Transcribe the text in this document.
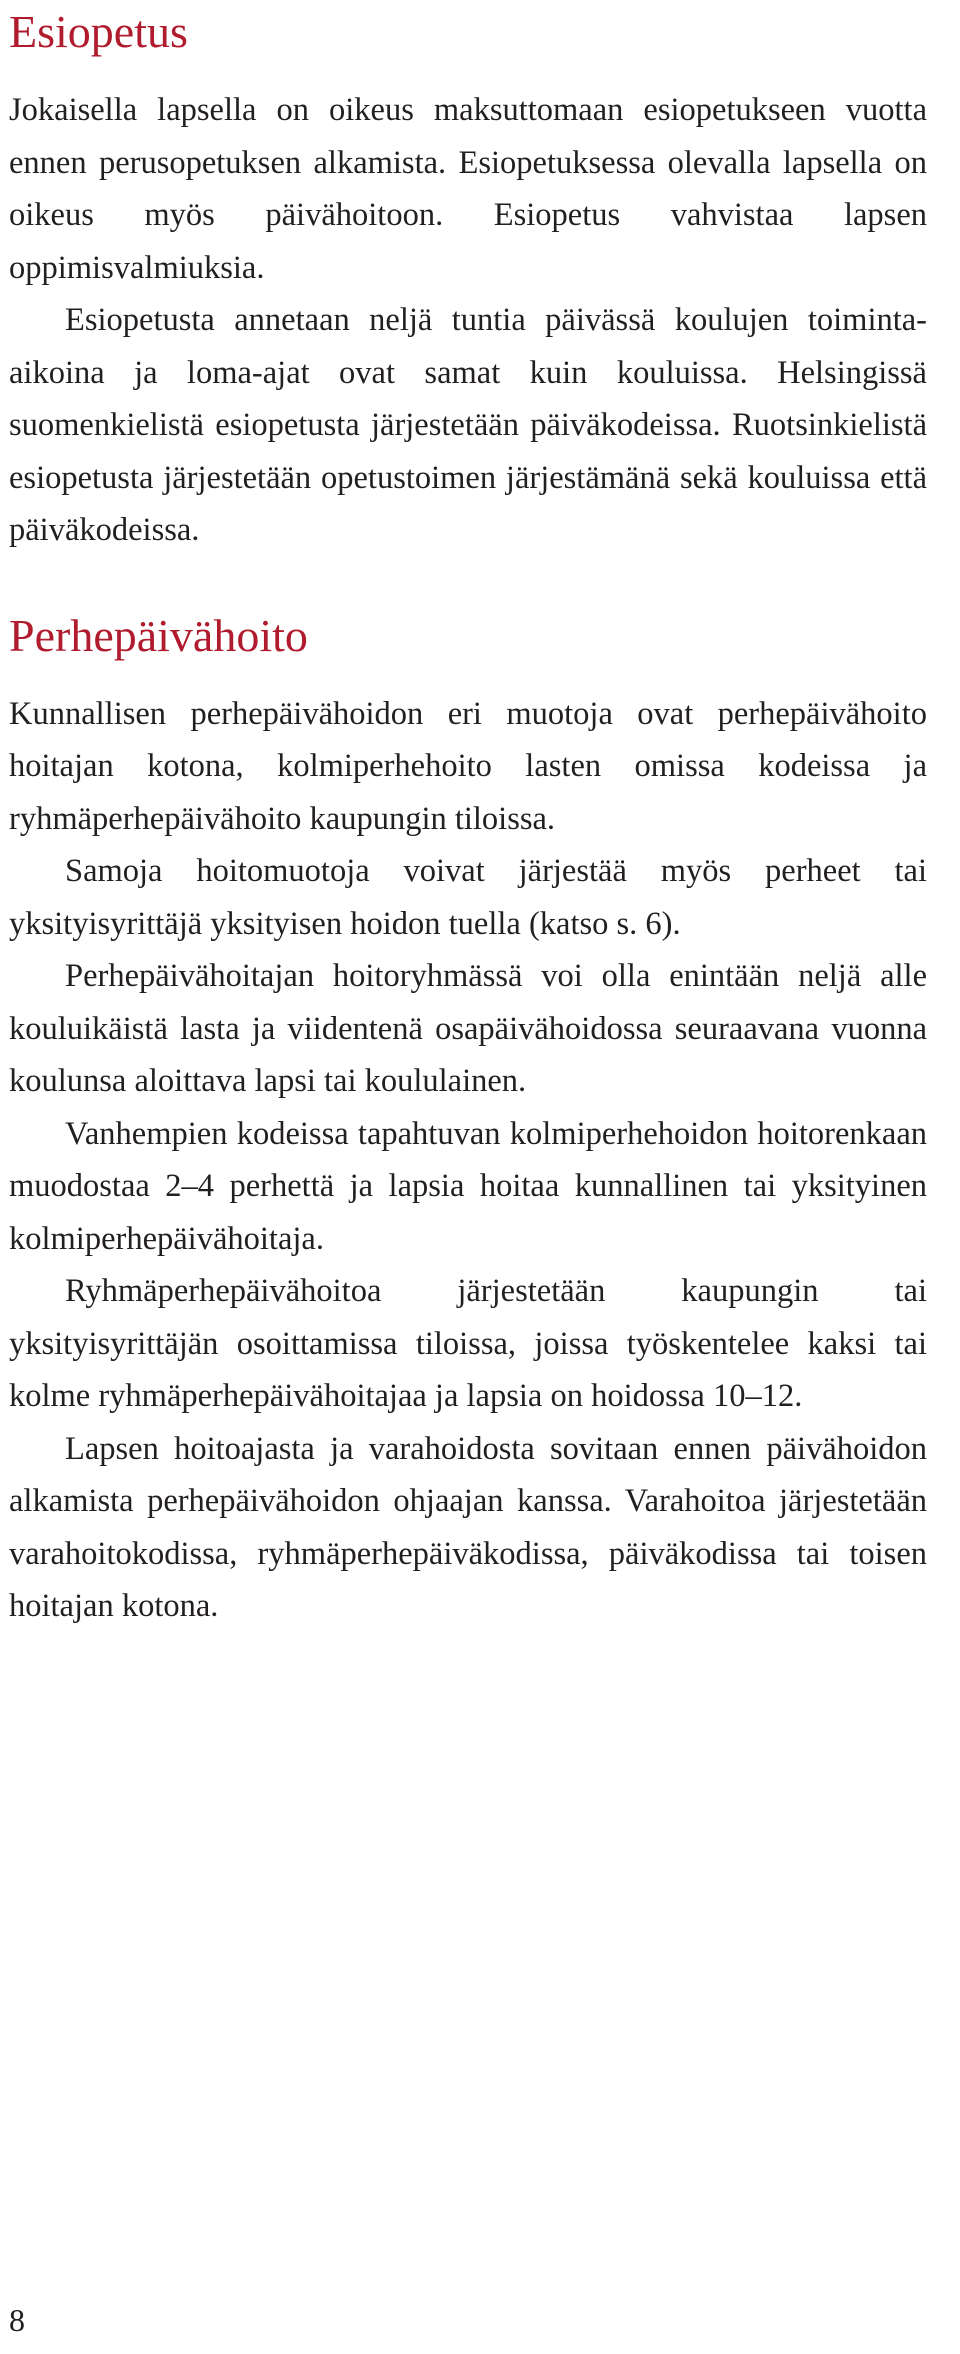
Esiopetus

Jokaisella lapsella on oikeus maksuttomaan esiopetukseen vuotta ennen perusopetuksen alkamista. Esiopetuksessa olevalla lapsella on oikeus myös päivähoitoon. Esiopetus vahvistaa lapsen oppimisvalmiuksia.

Esiopetusta annetaan neljä tuntia päivässä koulujen toiminta-aikoina ja loma-ajat ovat samat kuin kouluissa. Helsingissä suomenkielistä esiopetusta järjestetään päiväkodeissa. Ruotsinkielistä esiopetusta järjestetään opetustoimen järjestämänä sekä kouluissa että päiväkodeissa.

Perhepäivähoito

Kunnallisen perhepäivähoidon eri muotoja ovat perhepäivähoito hoitajan kotona, kolmiperhehoito lasten omissa kodeissa ja ryhmäperhepäivähoito kaupungin tiloissa.

Samoja hoitomuotoja voivat järjestää myös perheet tai yksityisyrittäjä yksityisen hoidon tuella (katso s. 6).

Perhepäivähoitajan hoitoryhmässä voi olla enintään neljä alle kouluikäistä lasta ja viidentenä osapäivähoidossa seuraavana vuonna koulunsa aloittava lapsi tai koululainen.

Vanhempien kodeissa tapahtuvan kolmiperhehoidon hoitorenkaan muodostaa 2–4 perhettä ja lapsia hoitaa kunnallinen tai yksityinen kolmiperhepäivähoitaja.

Ryhmäperhepäivähoitoa järjestetään kaupungin tai yksityisyrittäjän osoittamissa tiloissa, joissa työskentelee kaksi tai kolme ryhmäperhepäivähoitajaa ja lapsia on hoidossa 10–12.

Lapsen hoitoajasta ja varahoidosta sovitaan ennen päivähoidon alkamista perhepäivähoidon ohjaajan kanssa. Varahoitoa järjestetään varahoitokodissa, ryhmäperhepäiväkodissa, päiväkodissa tai toisen hoitajan kotona.

8
